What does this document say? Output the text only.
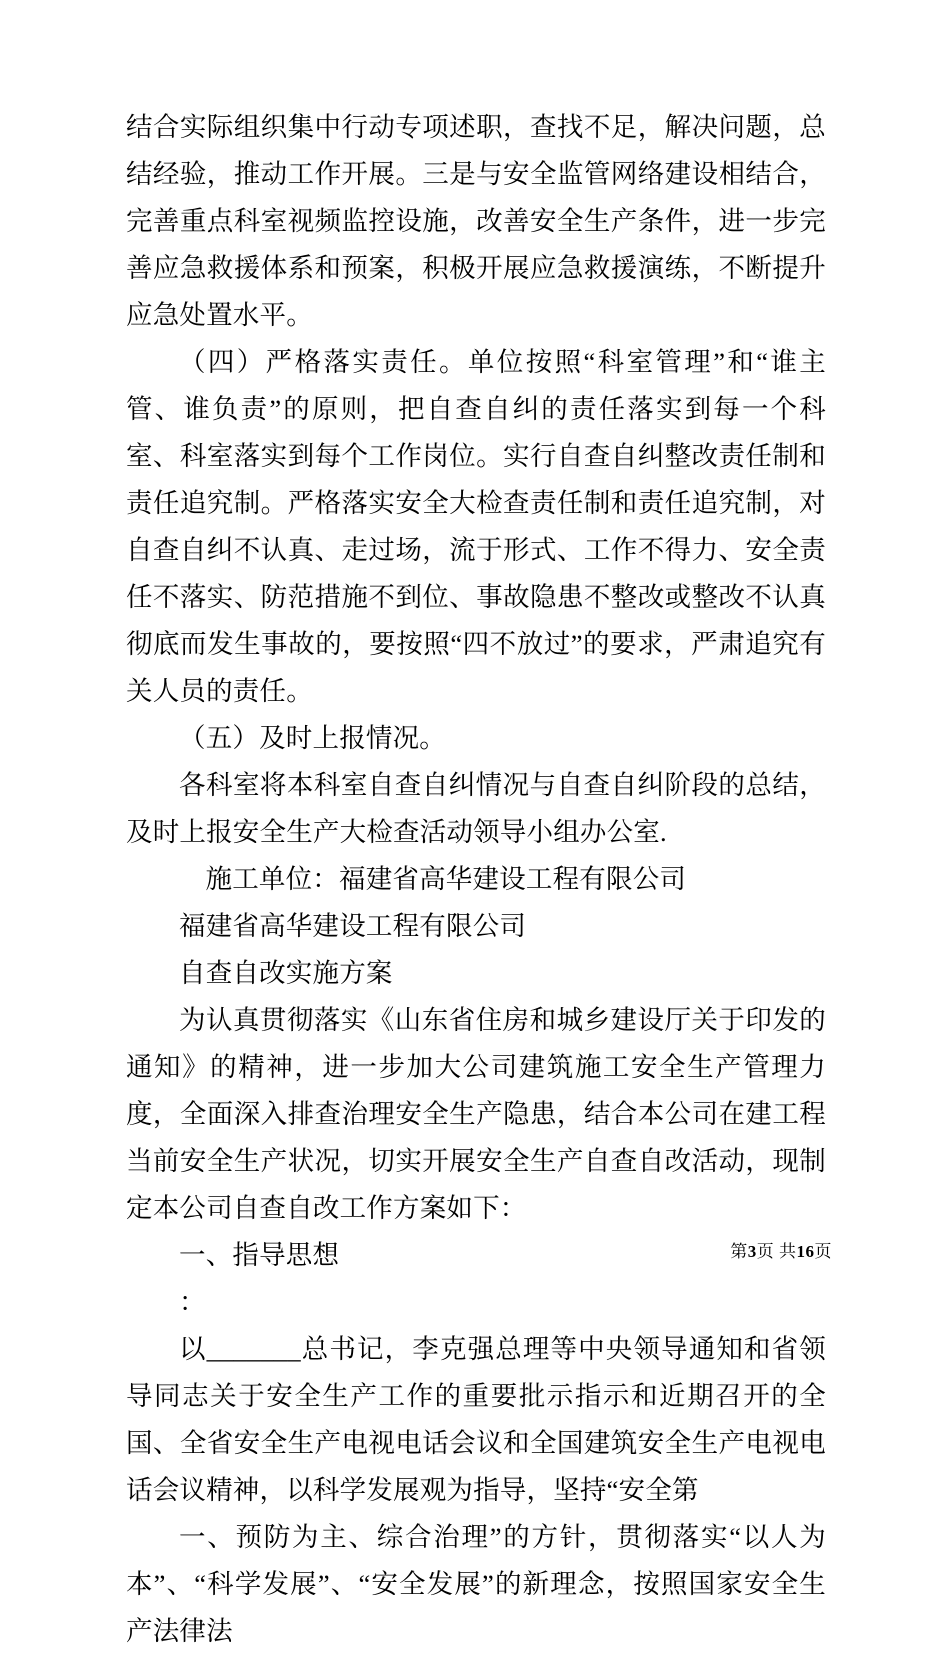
结合实际组织集中行动专项述职，查找不足，解决问题，总结经验，推动工作开展。三是与安全监管网络建设相结合，完善重点科室视频监控设施，改善安全生产条件，进一步完善应急救援体系和预案，积极开展应急救援演练，不断提升应急处置水平。

（四）严格落实责任。单位按照“科室管理”和“谁主管、谁负责”的原则，把自查自纠的责任落实到每一个科室、科室落实到每个工作岗位。实行自查自纠整改责任制和责任追究制。严格落实安全大检查责任制和责任追究制，对自查自纠不认真、走过场，流于形式、工作不得力、安全责任不落实、防范措施不到位、事故隐患不整改或整改不认真彻底而发生事故的，要按照“四不放过”的要求，严肃追究有关人员的责任。

（五）及时上报情况。

各科室将本科室自查自纠情况与自查自纠阶段的总结，及时上报安全生产大检查活动领导小组办公室.

施工单位：福建省高华建设工程有限公司

福建省高华建设工程有限公司

自查自改实施方案

为认真贯彻落实《山东省住房和城乡建设厅关于印发的通知》的精神，进一步加大公司建筑施工安全生产管理力度，全面深入排查治理安全生产隐患，结合本公司在建工程当前安全生产状况，切实开展安全生产自查自改活动，现制定本公司自查自改工作方案如下：

一、指导思想

：

以_______总书记，李克强总理等中央领导通知和省领导同志关于安全生产工作的重要批示指示和近期召开的全国、全省安全生产电视电话会议和全国建筑安全生产电视电话会议精神，以科学发展观为指导，坚持“安全第

一、预防为主、综合治理”的方针，贯彻落实“以人为本”、“科学发展”、“安全发展”的新理念，按照国家安全生产法律法

第3页 共16页
